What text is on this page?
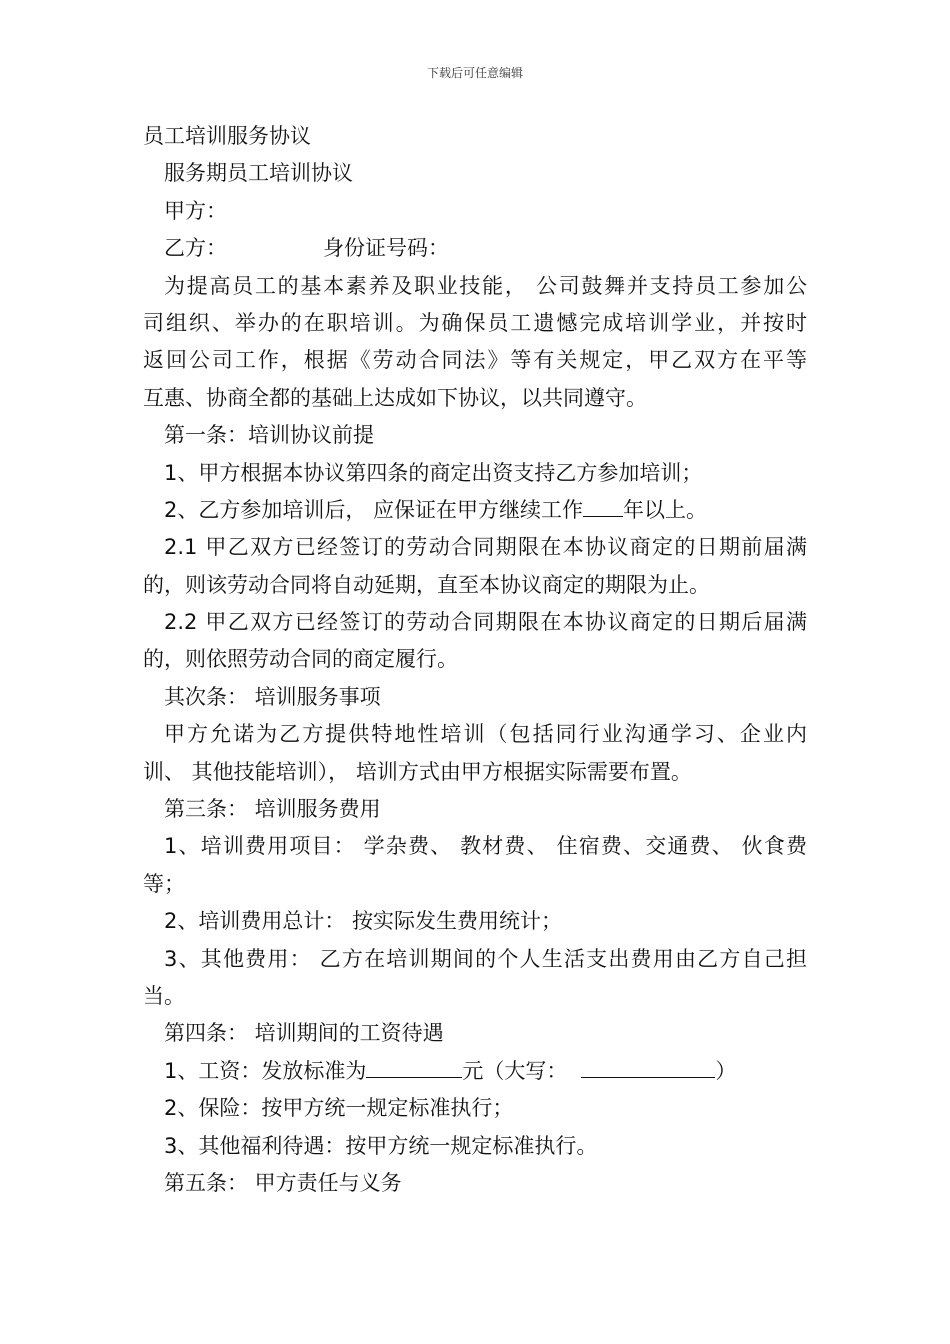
下载后可任意编辑
员工培训服务协议
服务期员工培训协议
甲方：
乙方：	身份证号码：
为提高员工的基本素养及职业技能， 公司鼓舞并支持员工参加公
司组织、举办的在职培训。为确保员工遗憾完成培训学业，并按时
返回公司工作，根据《劳动合同法》等有关规定，甲乙双方在平等
互惠、协商全都的基础上达成如下协议，以共同遵守。
第一条：培训协议前提
1、甲方根据本协议第四条的商定出资支持乙方参加培训；
2、乙方参加培训后， 应保证在甲方继续工作 年以上。
2.1 甲乙双方已经签订的劳动合同期限在本协议商定的日期前届满
的，则该劳动合同将自动延期，直至本协议商定的期限为止。
2.2 甲乙双方已经签订的劳动合同期限在本协议商定的日期后届满
的，则依照劳动合同的商定履行。
其次条： 培训服务事项
甲方允诺为乙方提供特地性培训（包括同行业沟通学习、企业内
训、 其他技能培训）， 培训方式由甲方根据实际需要布置。
第三条： 培训服务费用
1、培训费用项目： 学杂费、 教材费、 住宿费、交通费、 伙食费
等；
2、培训费用总计： 按实际发生费用统计；
3、其他费用： 乙方在培训期间的个人生活支出费用由乙方自己担
当。
第四条： 培训期间的工资待遇
1、工资：发放标准为	元（大写：	）
2、保险：按甲方统一规定标准执行；
3、其他福利待遇：按甲方统一规定标准执行。
第五条： 甲方责任与义务
